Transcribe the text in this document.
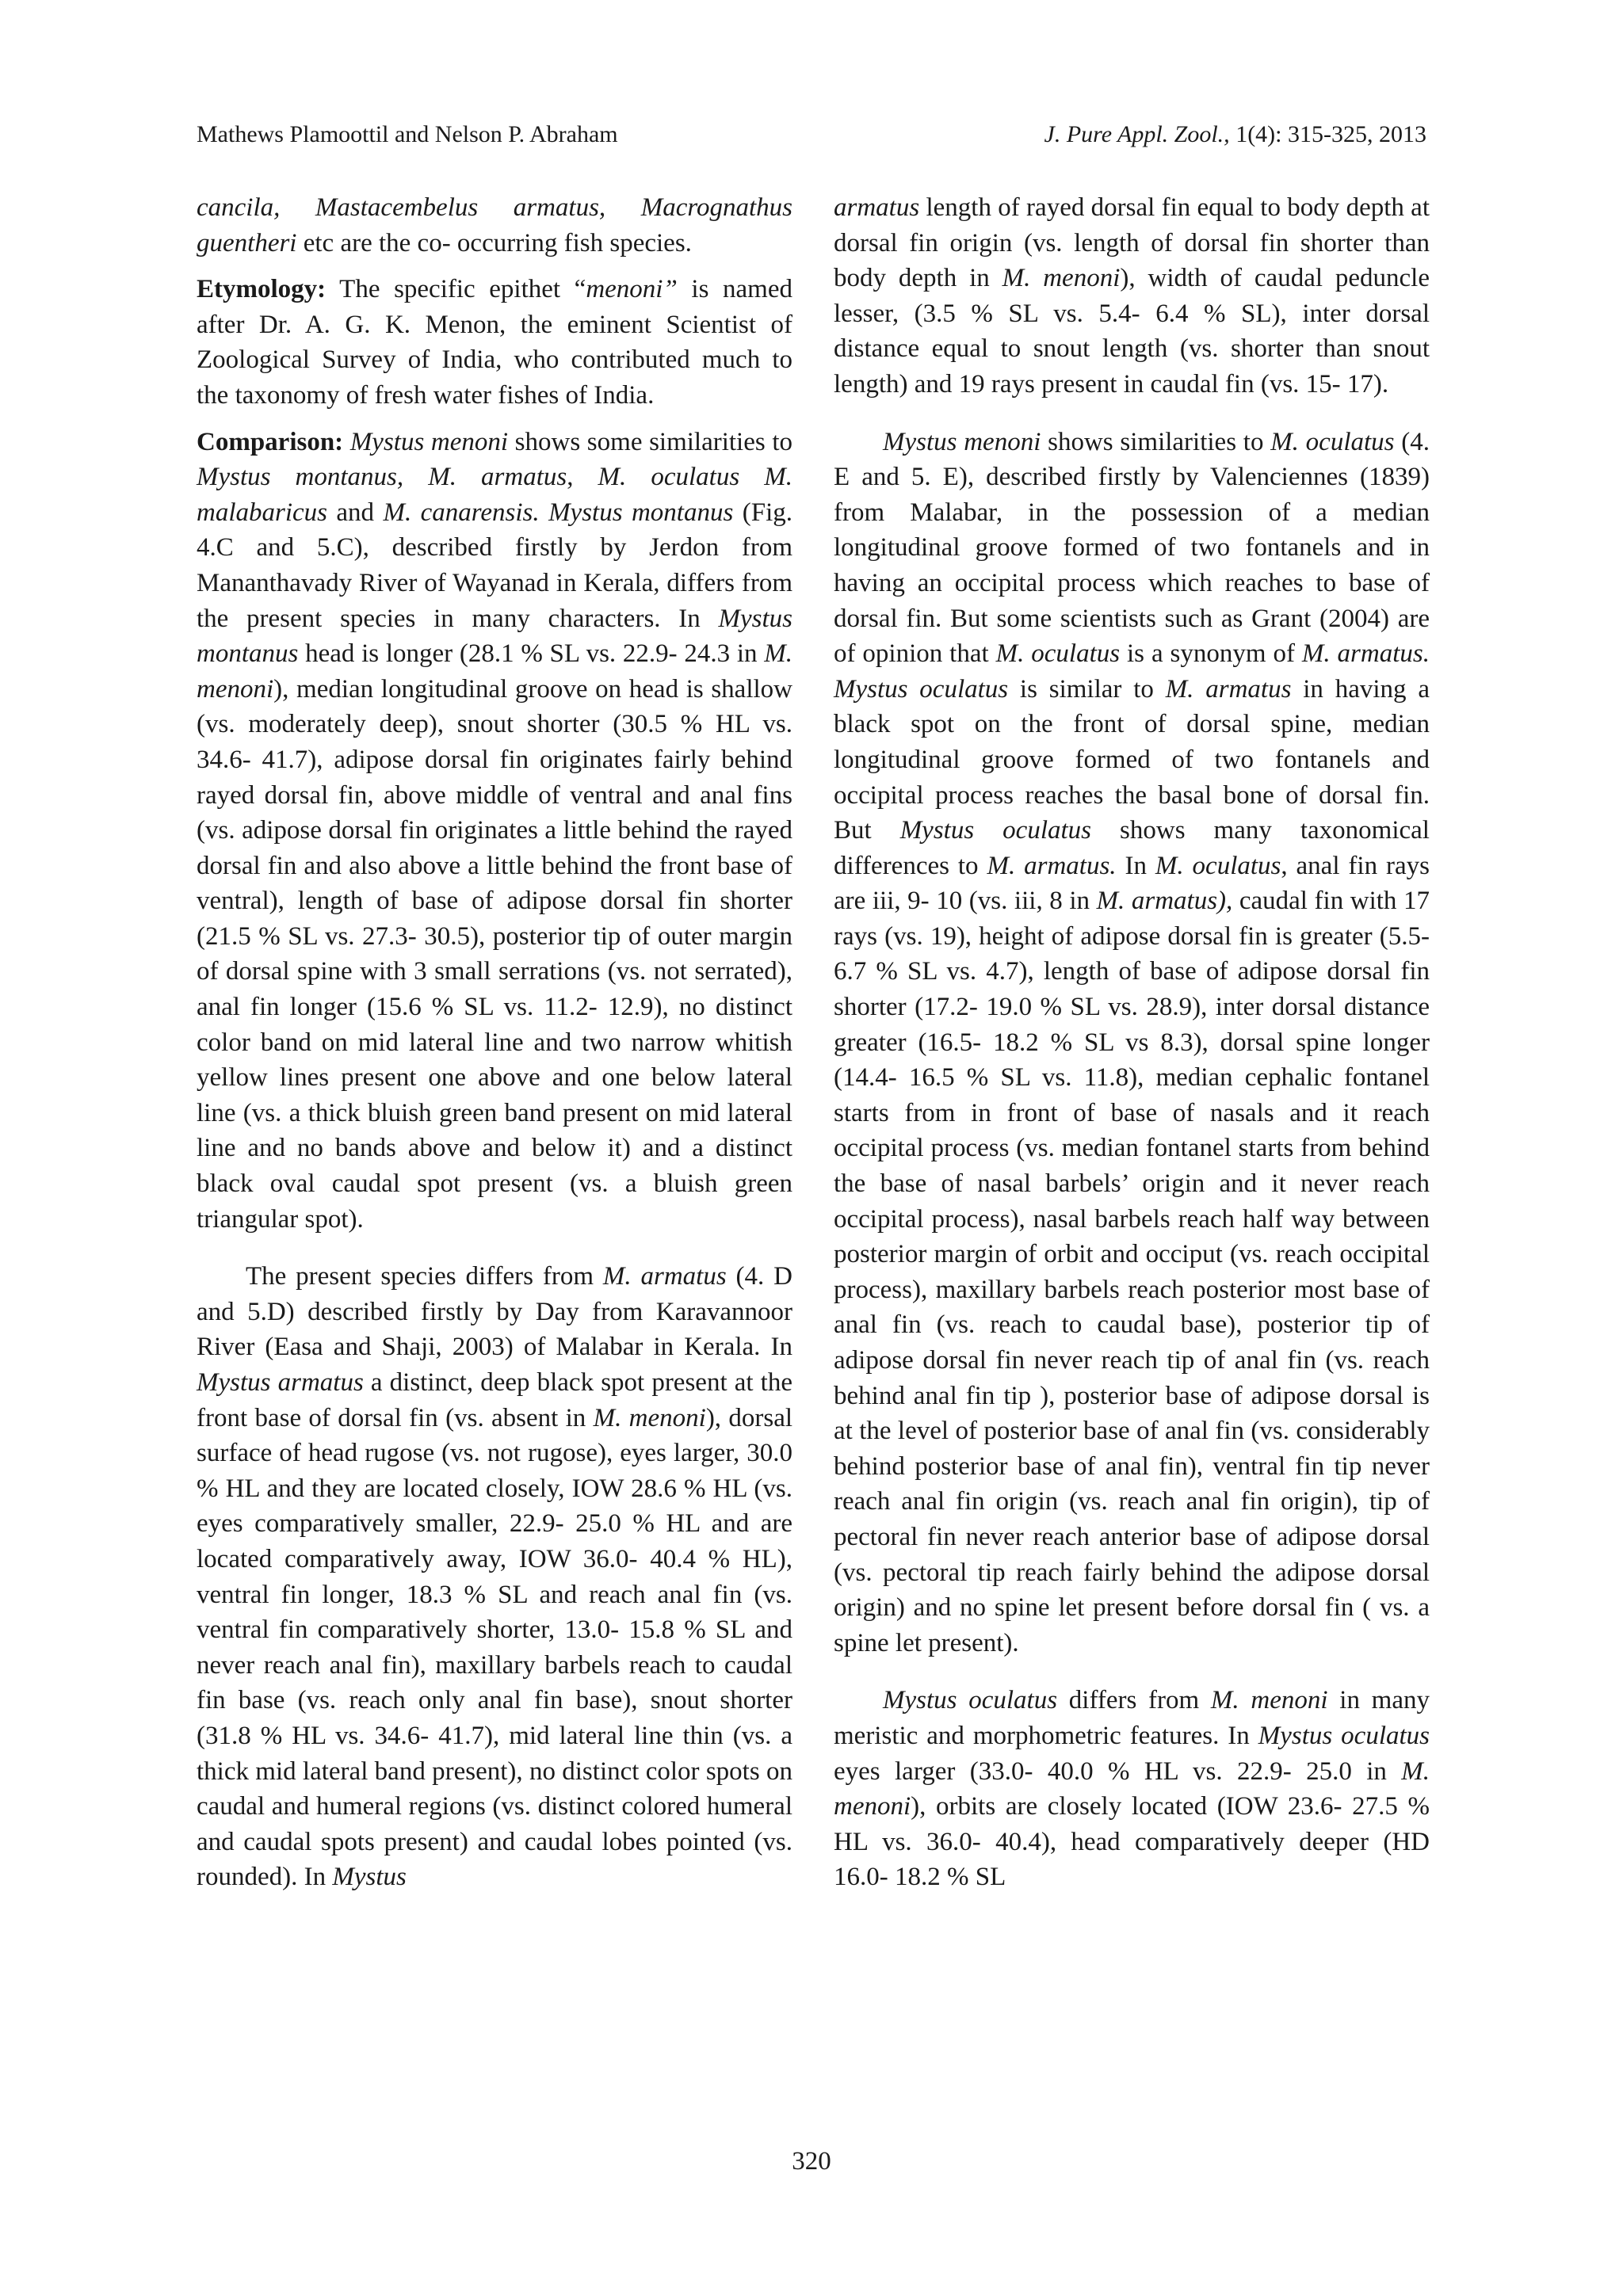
Mathews Plamoottil and Nelson P. Abraham	J. Pure Appl. Zool., 1(4): 315-325, 2013

cancila, Mastacembelus armatus, Macrognathus guentheri etc are the co- occurring fish species.

Etymology: The specific epithet “menoni” is named after Dr. A. G. K. Menon, the eminent Scientist of Zoological Survey of India, who contributed much to the taxonomy of fresh water fishes of India.

Comparison: Mystus menoni shows some similarities to Mystus montanus, M. armatus, M. oculatus M. malabaricus and M. canarensis. Mystus montanus (Fig. 4.C and 5.C), described firstly by Jerdon from Mananthavady River of Wayanad in Kerala, differs from the present species in many characters. In Mystus montanus head is longer (28.1 % SL vs. 22.9- 24.3 in M. menoni), median longitudinal groove on head is shallow (vs. moderately deep), snout shorter (30.5 % HL vs. 34.6- 41.7), adipose dorsal fin originates fairly behind rayed dorsal fin, above middle of ventral and anal fins (vs. adipose dorsal fin originates a little behind the rayed dorsal fin and also above a little behind the front base of ventral), length of base of adipose dorsal fin shorter (21.5 % SL vs. 27.3- 30.5), posterior tip of outer margin of dorsal spine with 3 small serrations (vs. not serrated), anal fin longer (15.6 % SL vs. 11.2- 12.9), no distinct color band on mid lateral line and two narrow whitish yellow lines present one above and one below lateral line (vs. a thick bluish green band present on mid lateral line and no bands above and below it) and a distinct black oval caudal spot present (vs. a bluish green triangular spot).

The present species differs from M. armatus (4. D and 5.D) described firstly by Day from Karavannoor River (Easa and Shaji, 2003) of Malabar in Kerala. In Mystus armatus a distinct, deep black spot present at the front base of dorsal fin (vs. absent in M. menoni), dorsal surface of head rugose (vs. not rugose), eyes larger, 30.0 % HL and they are located closely, IOW 28.6 % HL (vs. eyes comparatively smaller, 22.9- 25.0 % HL and are located comparatively away, IOW 36.0- 40.4 % HL), ventral fin longer, 18.3 % SL and reach anal fin (vs. ventral fin comparatively shorter, 13.0- 15.8 % SL and never reach anal fin), maxillary barbels reach to caudal fin base (vs. reach only anal fin base), snout shorter (31.8 % HL vs. 34.6- 41.7), mid lateral line thin (vs. a thick mid lateral band present), no distinct color spots on caudal and humeral regions (vs. distinct colored humeral and caudal spots present) and caudal lobes pointed (vs. rounded). In Mystus

armatus length of rayed dorsal fin equal to body depth at dorsal fin origin (vs. length of dorsal fin shorter than body depth in M. menoni), width of caudal peduncle lesser, (3.5 % SL vs. 5.4- 6.4 % SL), inter dorsal distance equal to snout length (vs. shorter than snout length) and 19 rays present in caudal fin (vs. 15- 17).

Mystus menoni shows similarities to M. oculatus (4. E and 5. E), described firstly by Valenciennes (1839) from Malabar, in the possession of a median longitudinal groove formed of two fontanels and in having an occipital process which reaches to base of dorsal fin. But some scientists such as Grant (2004) are of opinion that M. oculatus is a synonym of M. armatus. Mystus oculatus is similar to M. armatus in having a black spot on the front of dorsal spine, median longitudinal groove formed of two fontanels and occipital process reaches the basal bone of dorsal fin. But Mystus oculatus shows many taxonomical differences to M. armatus. In M. oculatus, anal fin rays are iii, 9- 10 (vs. iii, 8 in M. armatus), caudal fin with 17 rays (vs. 19), height of adipose dorsal fin is greater (5.5- 6.7 % SL vs. 4.7), length of base of adipose dorsal fin shorter (17.2- 19.0 % SL vs. 28.9), inter dorsal distance greater (16.5- 18.2 % SL vs 8.3), dorsal spine longer (14.4- 16.5 % SL vs. 11.8), median cephalic fontanel starts from in front of base of nasals and it reach occipital process (vs. median fontanel starts from behind the base of nasal barbels’ origin and it never reach occipital process), nasal barbels reach half way between posterior margin of orbit and occiput (vs. reach occipital process), maxillary barbels reach posterior most base of anal fin (vs. reach to caudal base), posterior tip of adipose dorsal fin never reach tip of anal fin (vs. reach behind anal fin tip ), posterior base of adipose dorsal is at the level of posterior base of anal fin (vs. considerably behind posterior base of anal fin), ventral fin tip never reach anal fin origin (vs. reach anal fin origin), tip of pectoral fin never reach anterior base of adipose dorsal (vs. pectoral tip reach fairly behind the adipose dorsal origin) and no spine let present before dorsal fin ( vs. a spine let present).

Mystus oculatus differs from M. menoni in many meristic and morphometric features. In Mystus oculatus eyes larger (33.0- 40.0 % HL vs. 22.9- 25.0 in M. menoni), orbits are closely located (IOW 23.6- 27.5 % HL vs. 36.0- 40.4), head comparatively deeper (HD 16.0- 18.2 % SL

320
